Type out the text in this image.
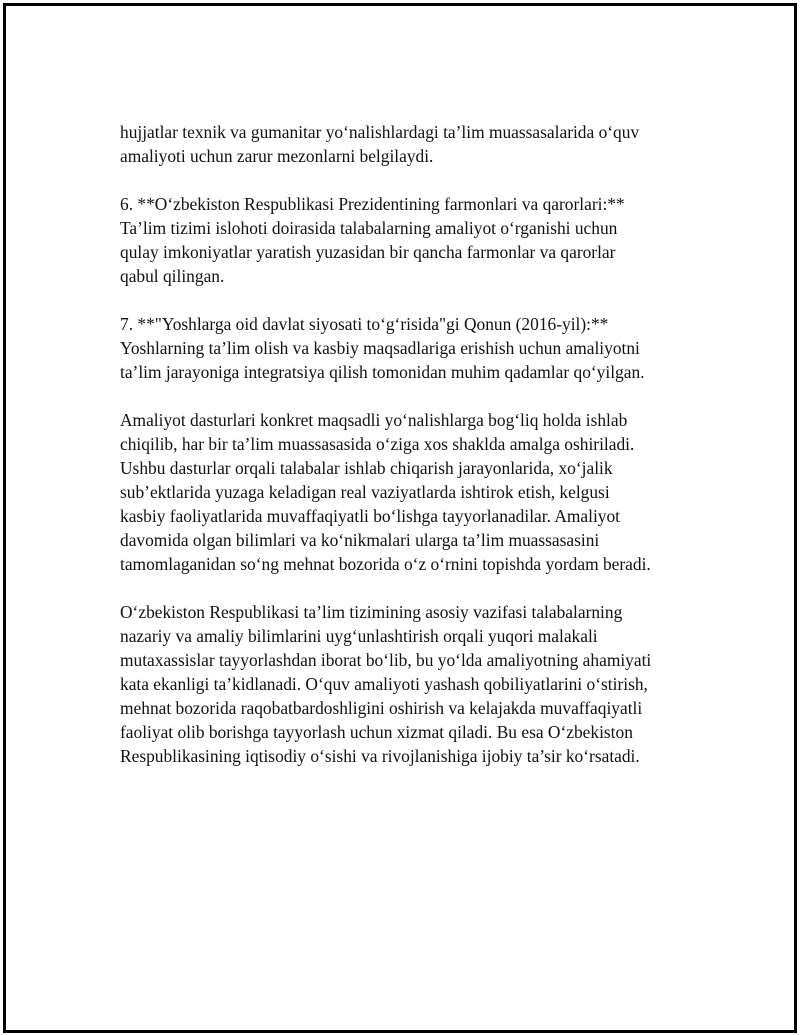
hujjatlar texnik va gumanitar yo‘nalishlardagi ta’lim muassasalarida o‘quv
amaliyoti uchun zarur mezonlarni belgilaydi.

6. **O‘zbekiston Respublikasi Prezidentining farmonlari va qarorlari:**
Ta’lim tizimi islohoti doirasida talabalarning amaliyot o‘rganishi uchun
qulay imkoniyatlar yaratish yuzasidan bir qancha farmonlar va qarorlar
qabul qilingan.

7. **"Yoshlarga oid davlat siyosati to‘g‘risida"gi Qonun (2016-yil):**
Yoshlarning ta’lim olish va kasbiy maqsadlariga erishish uchun amaliyotni
ta’lim jarayoniga integratsiya qilish tomonidan muhim qadamlar qo‘yilgan.

Amaliyot dasturlari konkret maqsadli yo‘nalishlarga bog‘liq holda ishlab
chiqilib, har bir ta’lim muassasasida o‘ziga xos shaklda amalga oshiriladi.
Ushbu dasturlar orqali talabalar ishlab chiqarish jarayonlarida, xo‘jalik
sub’ektlarida yuzaga keladigan real vaziyatlarda ishtirok etish, kelgusi
kasbiy faoliyatlarida muvaffaqiyatli bo‘lishga tayyorlanadilar. Amaliyot
davomida olgan bilimlari va ko‘nikmalari ularga ta’lim muassasasini
tamomlaganidan so‘ng mehnat bozorida o‘z o‘rnini topishda yordam beradi.

O‘zbekiston Respublikasi ta’lim tizimining asosiy vazifasi talabalarning
nazariy va amaliy bilimlarini uyg‘unlashtirish orqali yuqori malakali
mutaxassislar tayyorlashdan iborat bo‘lib, bu yo‘lda amaliyotning ahamiyati
kata ekanligi ta’kidlanadi. O‘quv amaliyoti yashash qobiliyatlarini o‘stirish,
mehnat bozorida raqobatbardoshligini oshirish va kelajakda muvaffaqiyatli
faoliyat olib borishga tayyorlash uchun xizmat qiladi. Bu esa O‘zbekiston
Respublikasining iqtisodiy o‘sishi va rivojlanishiga ijobiy ta’sir ko‘rsatadi.
